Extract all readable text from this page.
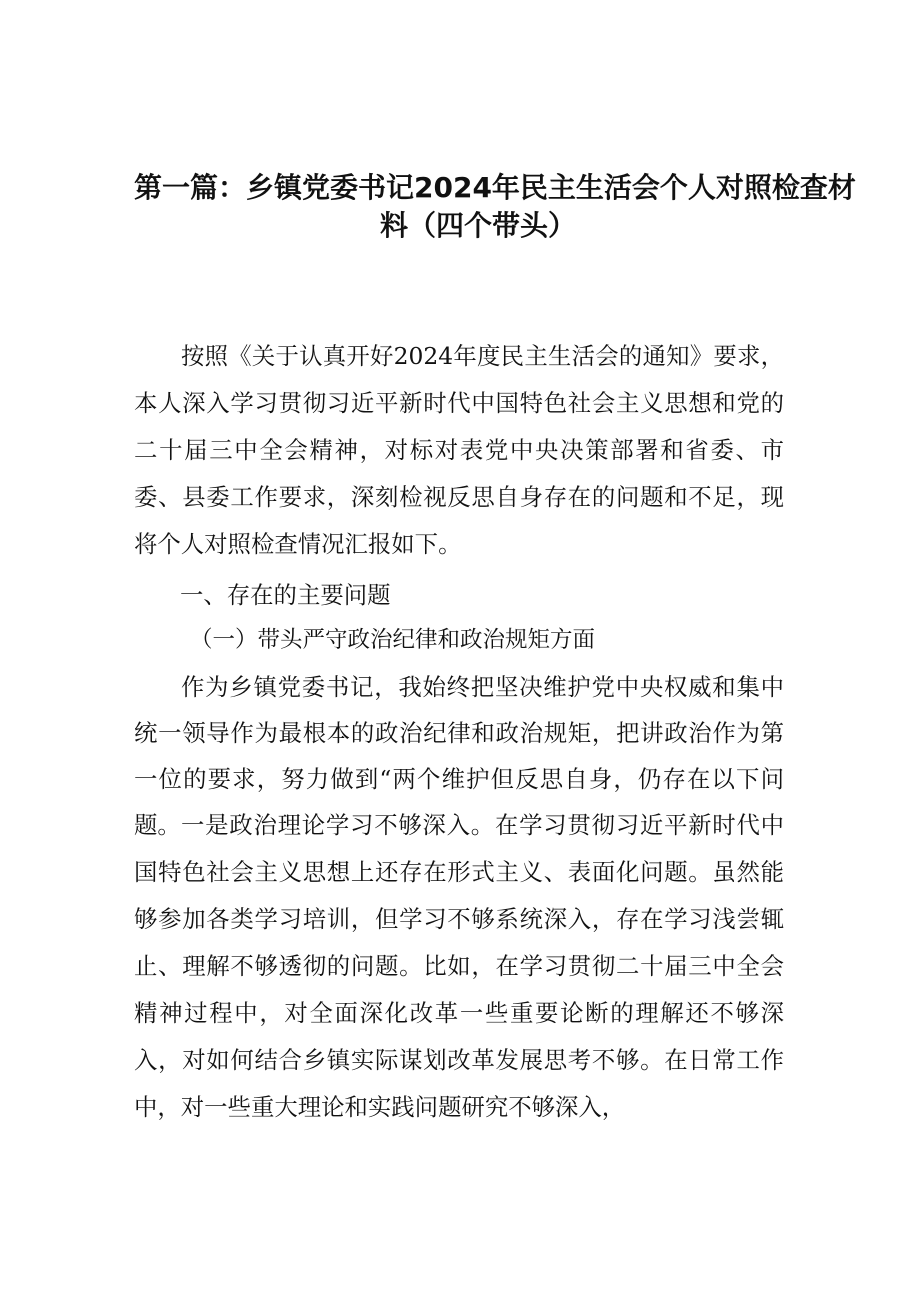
第一篇：乡镇党委书记2024年民主生活会个人对照检查材
料（四个带头）
按照《关于认真开好2024年度民主生活会的通知》要求，本人深入学习贯彻习近平新时代中国特色社会主义思想和党的二十届三中全会精神，对标对表党中央决策部署和省委、市委、县委工作要求，深刻检视反思自身存在的问题和不足，现将个人对照检查情况汇报如下。
一、存在的主要问题
（一）带头严守政治纪律和政治规矩方面
作为乡镇党委书记，我始终把坚决维护党中央权威和集中统一领导作为最根本的政治纪律和政治规矩，把讲政治作为第一位的要求，努力做到“两个维护但反思自身，仍存在以下问题。 一是政治理论学习不够深入。在学习贯彻习近平新时代中国特色社会主义思想上还存在形式主义、表面化问题。虽然能够参加各类学习培训，但学习不够系统深入，存在学习浅尝辄止、理解不够透彻的问题。比如，在学习贯彻二十届三中全会精神过程中，对全面深化改革一些重要论断的理解还不够深入，对如何结合乡镇实际谋划改革发展思考不够。在日常工作中，对一些重大理论和实践问题研究不够深入，
